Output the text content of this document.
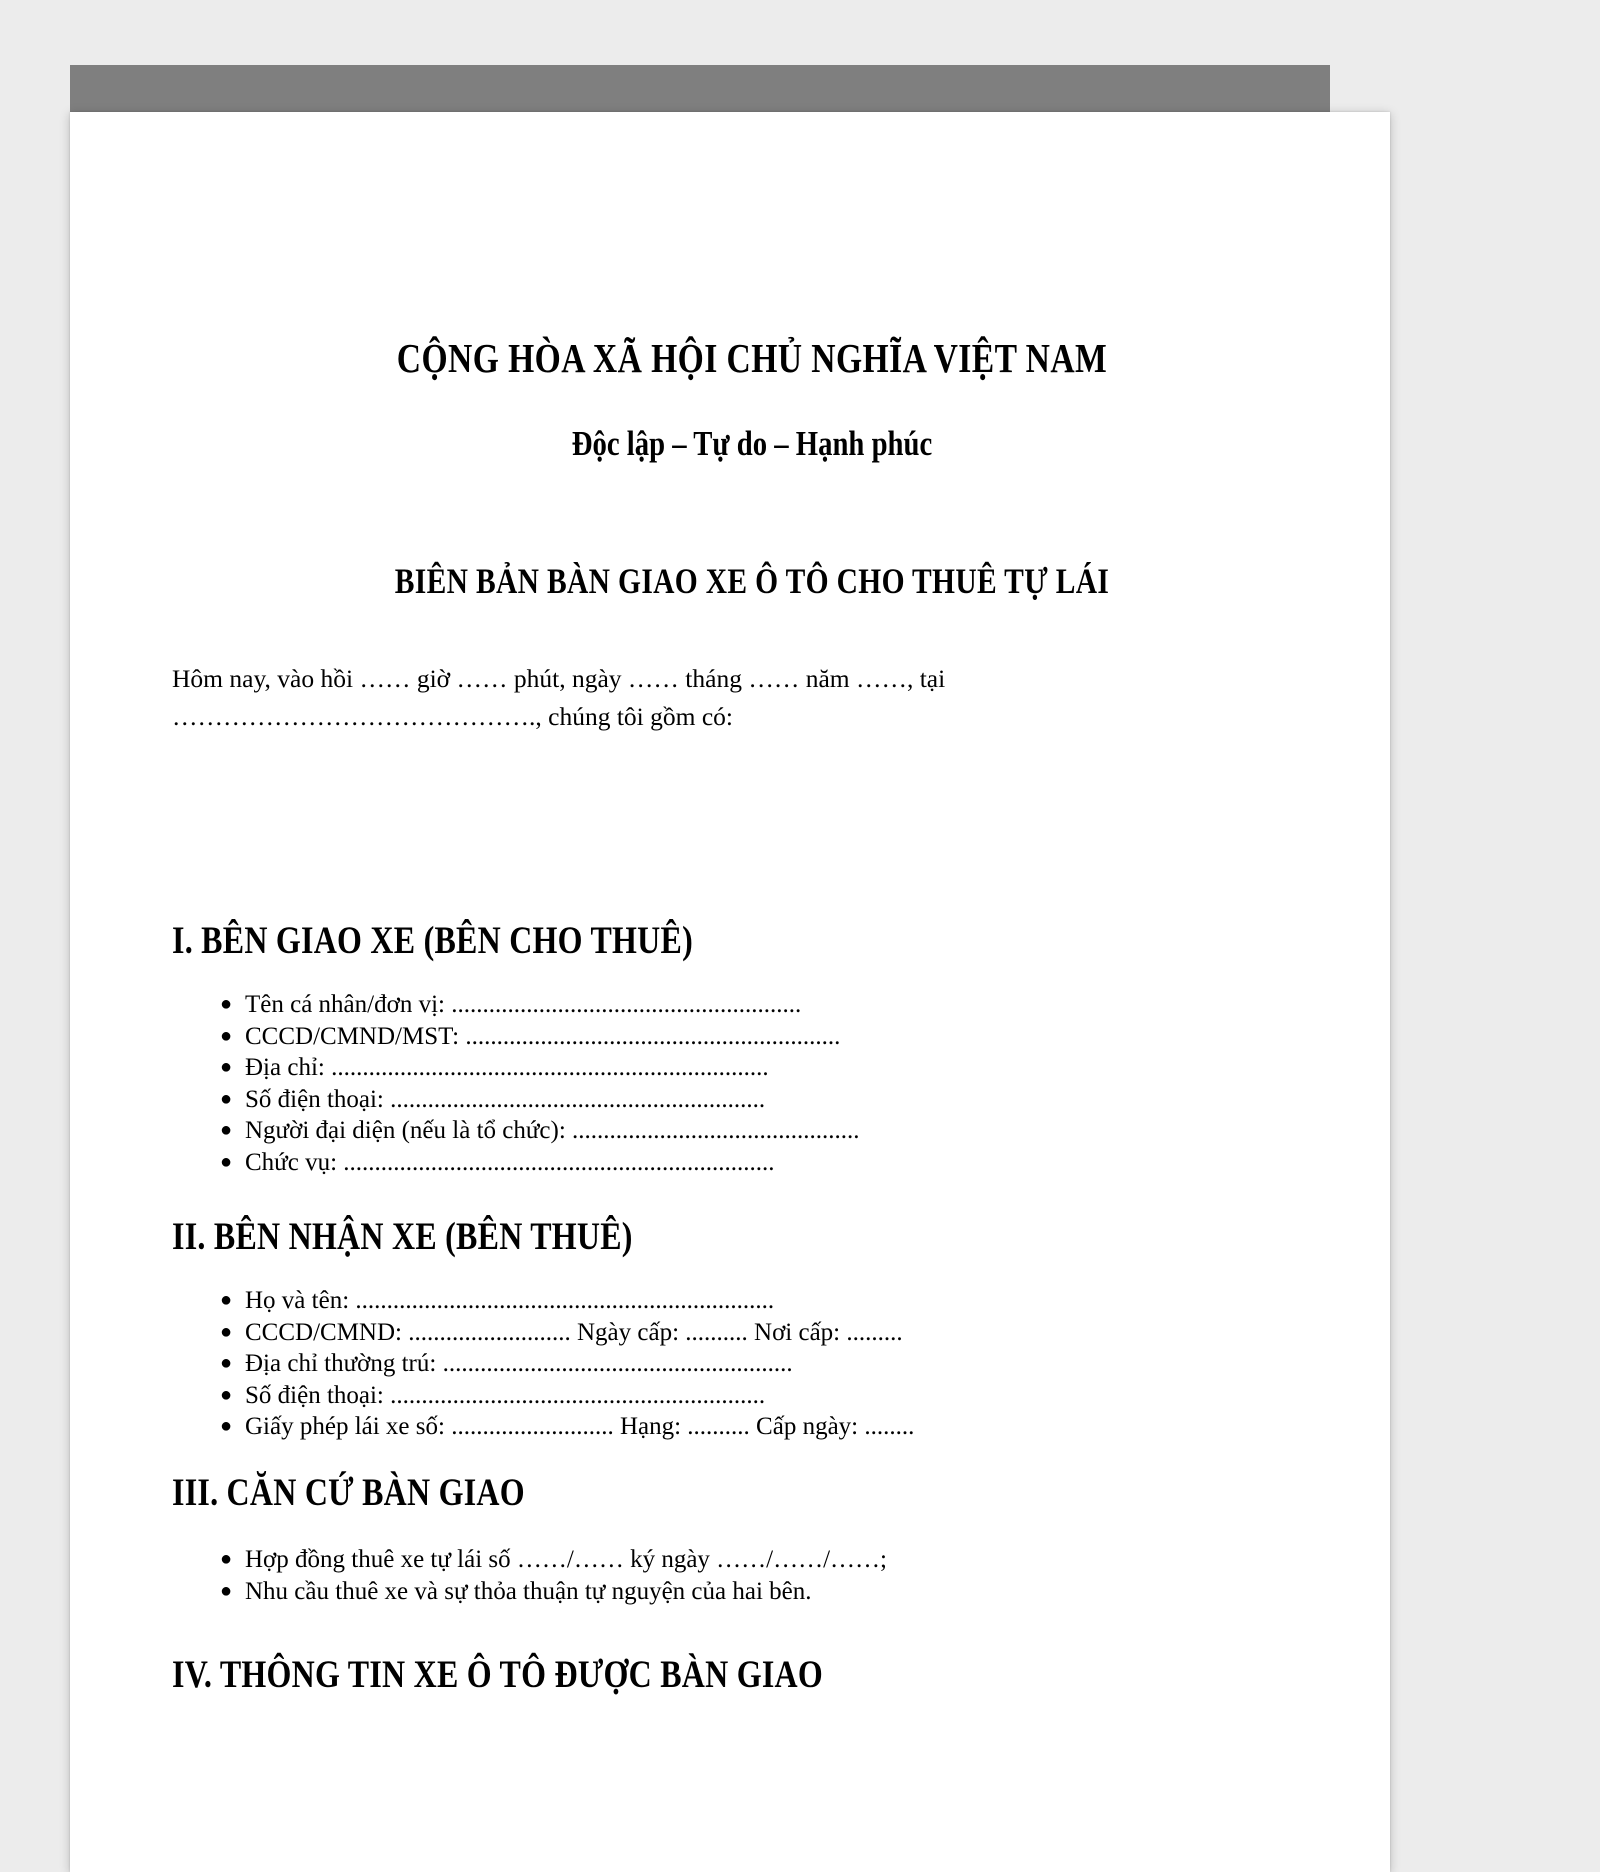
CỘNG HÒA XÃ HỘI CHỦ NGHĨA VIỆT NAM
Độc lập – Tự do – Hạnh phúc
BIÊN BẢN BÀN GIAO XE Ô TÔ CHO THUÊ TỰ LÁI
Hôm nay, vào hồi …… giờ …… phút, ngày …… tháng …… năm ……, tại
……………………………………., chúng tôi gồm có:
I. BÊN GIAO XE (BÊN CHO THUÊ)
● Tên cá nhân/đơn vị: ........................................................
● CCCD/CMND/MST: ............................................................
● Địa chỉ: ......................................................................
● Số điện thoại: ............................................................
● Người đại diện (nếu là tổ chức): ..............................................
● Chức vụ: .....................................................................
II. BÊN NHẬN XE (BÊN THUÊ)
● Họ và tên: ...................................................................
● CCCD/CMND: .......................... Ngày cấp: .......... Nơi cấp: .........
● Địa chỉ thường trú: ........................................................
● Số điện thoại: ............................................................
● Giấy phép lái xe số: .......................... Hạng: .......... Cấp ngày: ........
III. CĂN CỨ BÀN GIAO
● Hợp đồng thuê xe tự lái số ……/…… ký ngày ……/……/……;
● Nhu cầu thuê xe và sự thỏa thuận tự nguyện của hai bên.
IV. THÔNG TIN XE Ô TÔ ĐƯỢC BÀN GIAO
